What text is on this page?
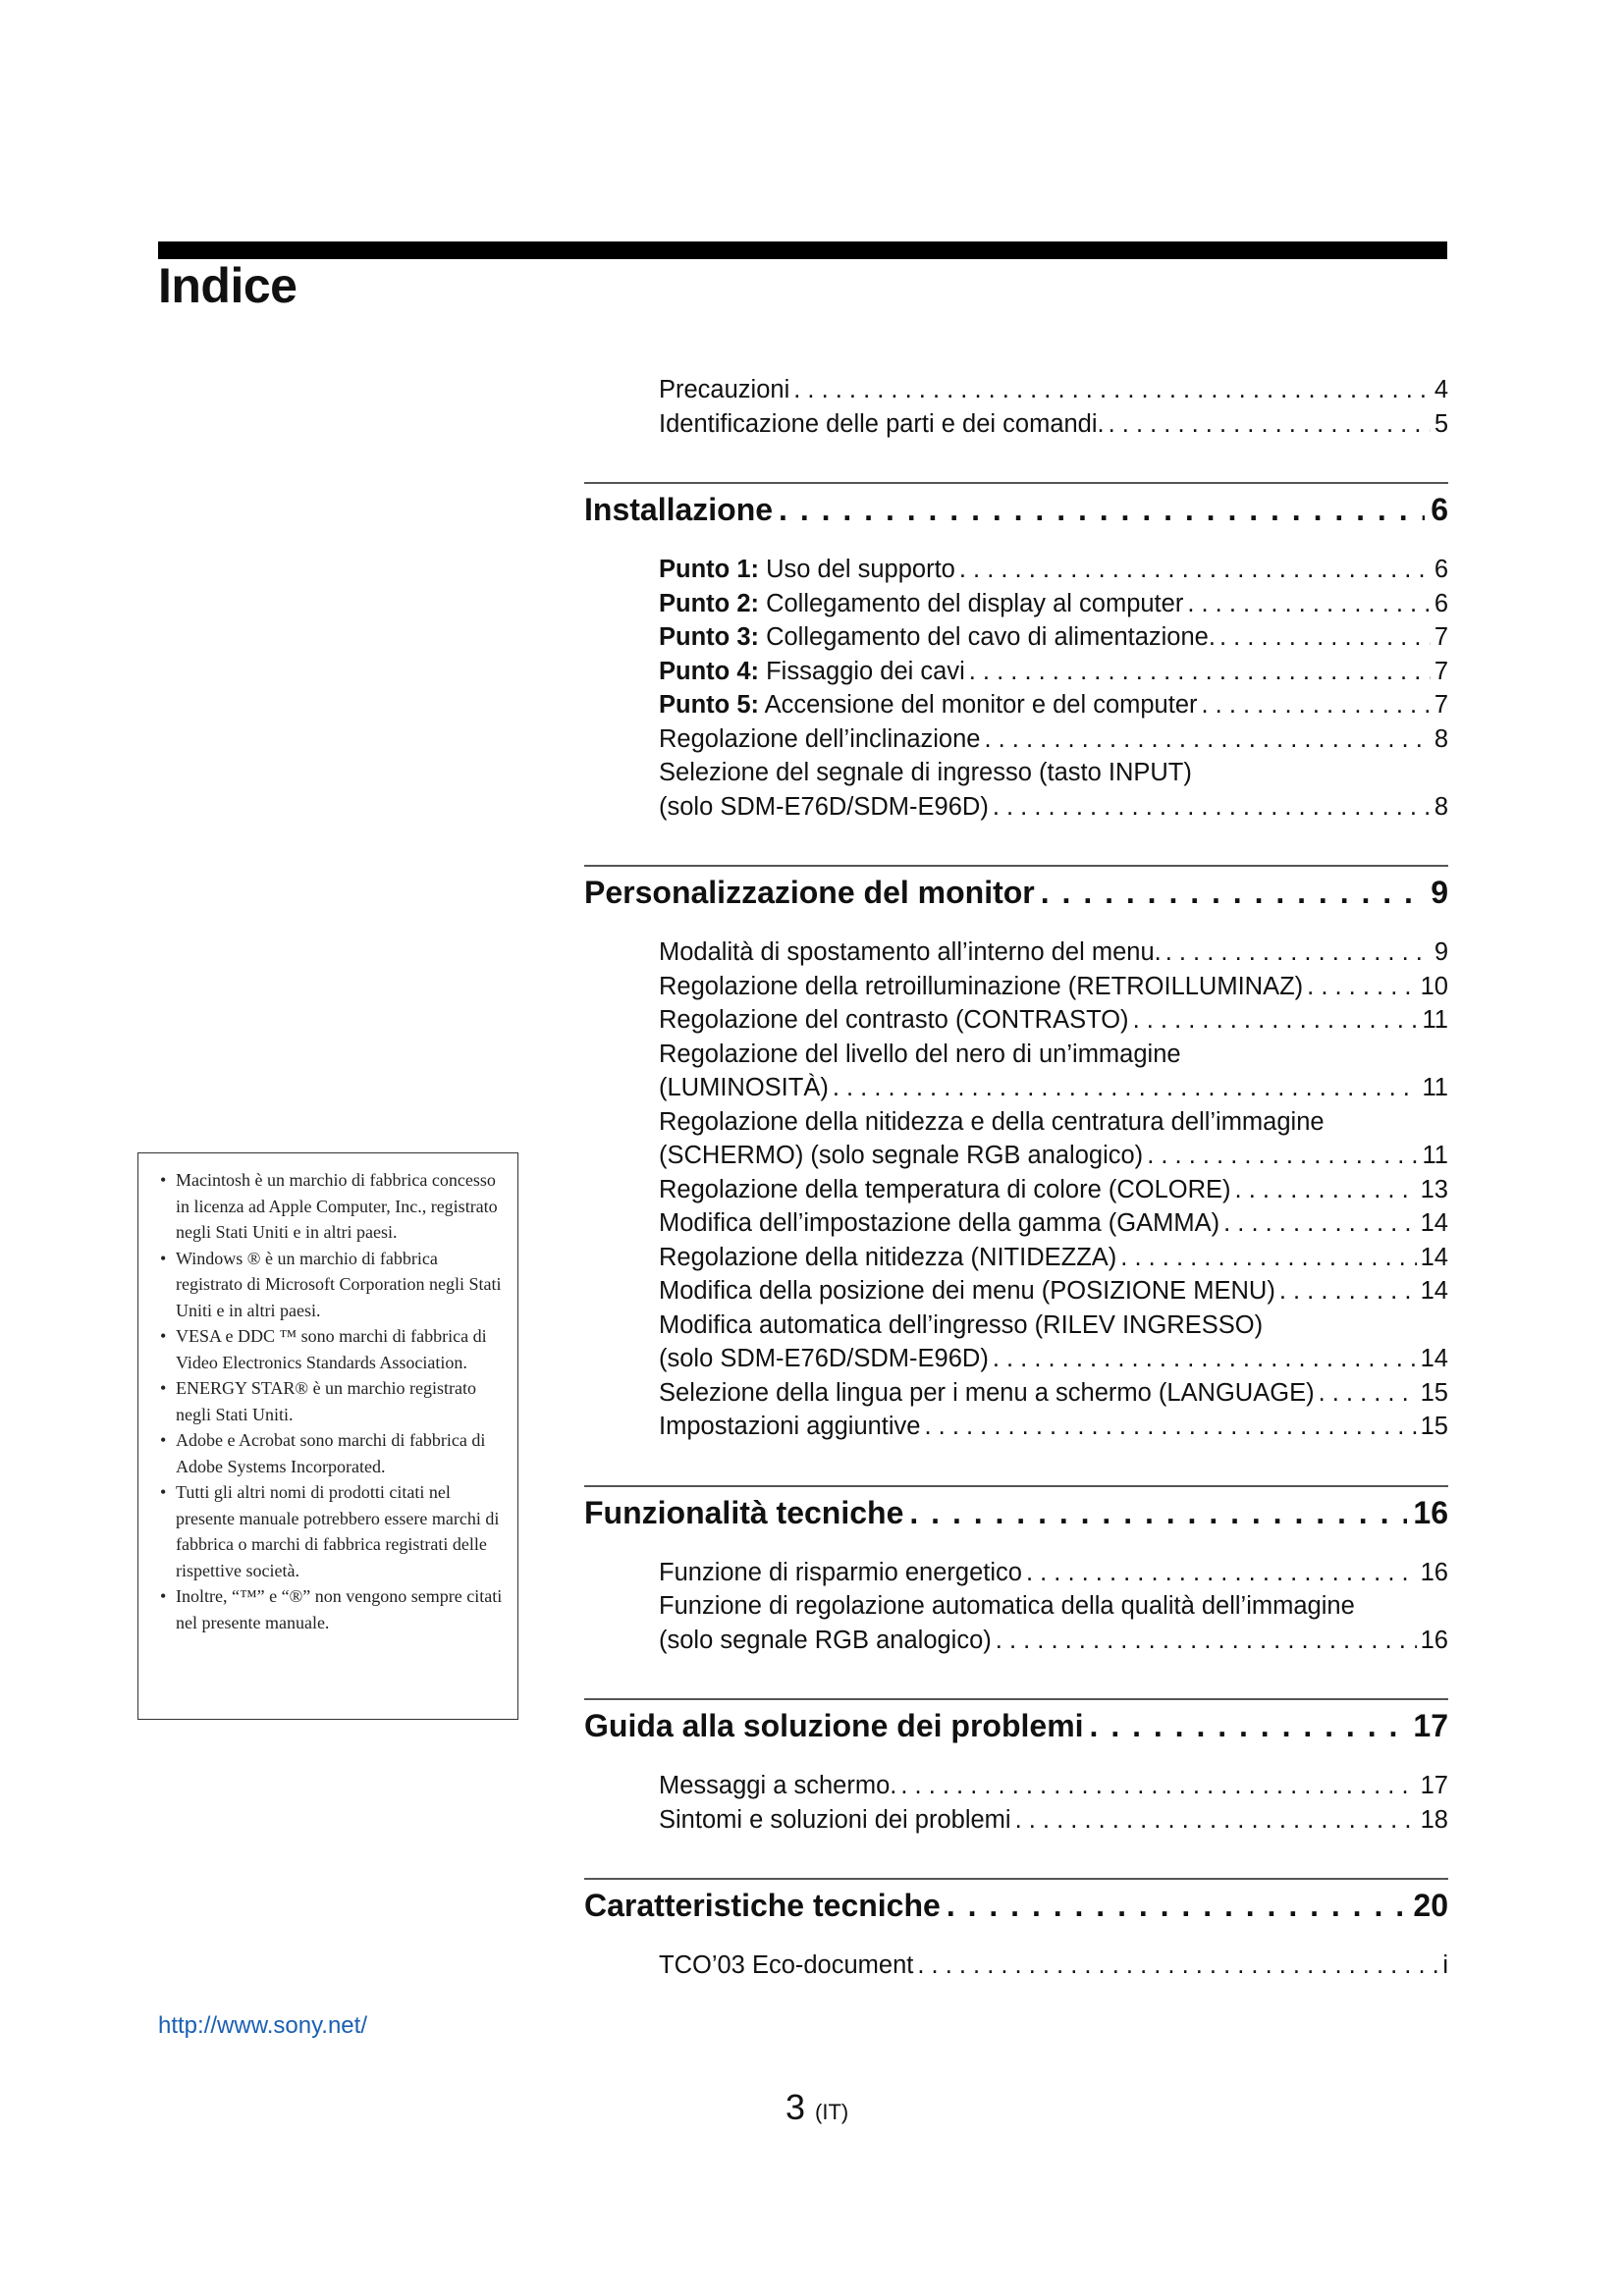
Indice
Precauzioni . . .	4
Identificazione delle parti e dei comandi. . . .	5
Installazione . . .	6
Punto 1: Uso del supporto . . .	6
Punto 2: Collegamento del display al computer . . .	6
Punto 3: Collegamento del cavo di alimentazione. . . .	7
Punto 4: Fissaggio dei cavi . . .	7
Punto 5: Accensione del monitor e del computer . . .	7
Regolazione dell’inclinazione . . .	8
Selezione del segnale di ingresso (tasto INPUT)
(solo SDM-E76D/SDM-E96D) . . .	8
Personalizzazione del monitor . . .	9
Modalità di spostamento all’interno del menu. . . .	9
Regolazione della retroilluminazione (RETROILLUMINAZ) . . .	10
Regolazione del contrasto (CONTRASTO) . . .	11
Regolazione del livello del nero di un’immagine
(LUMINOSITÀ) . . .	11
Regolazione della nitidezza e della centratura dell’immagine
(SCHERMO) (solo segnale RGB analogico) . . .	11
Regolazione della temperatura di colore (COLORE) . . .	13
Modifica dell’impostazione della gamma (GAMMA) . . .	14
Regolazione della nitidezza (NITIDEZZA) . . .	14
Modifica della posizione dei menu (POSIZIONE MENU) . . .	14
Modifica automatica dell’ingresso (RILEV INGRESSO)
(solo SDM-E76D/SDM-E96D) . . .	14
Selezione della lingua per i menu a schermo (LANGUAGE) . . .	15
Impostazioni aggiuntive . . .	15
Funzionalità tecniche . . .	16
Funzione di risparmio energetico . . .	16
Funzione di regolazione automatica della qualità dell’immagine
(solo segnale RGB analogico) . . .	16
Guida alla soluzione dei problemi . . .	17
Messaggi a schermo. . . .	17
Sintomi e soluzioni dei problemi . . .	18
Caratteristiche tecniche . . .	20
TCO’03 Eco-document . . .	i
• Macintosh è un marchio di fabbrica concesso in licenza ad Apple Computer, Inc., registrato negli Stati Uniti e in altri paesi.
• Windows ® è un marchio di fabbrica registrato di Microsoft Corporation negli Stati Uniti e in altri paesi.
• VESA e DDC ™ sono marchi di fabbrica di Video Electronics Standards Association.
• ENERGY STAR® è un marchio registrato negli Stati Uniti.
• Adobe e Acrobat sono marchi di fabbrica di Adobe Systems Incorporated.
• Tutti gli altri nomi di prodotti citati nel presente manuale potrebbero essere marchi di fabbrica o marchi di fabbrica registrati delle rispettive società.
• Inoltre, “™” e “®” non vengono sempre citati nel presente manuale.
http://www.sony.net/
3 (IT)
